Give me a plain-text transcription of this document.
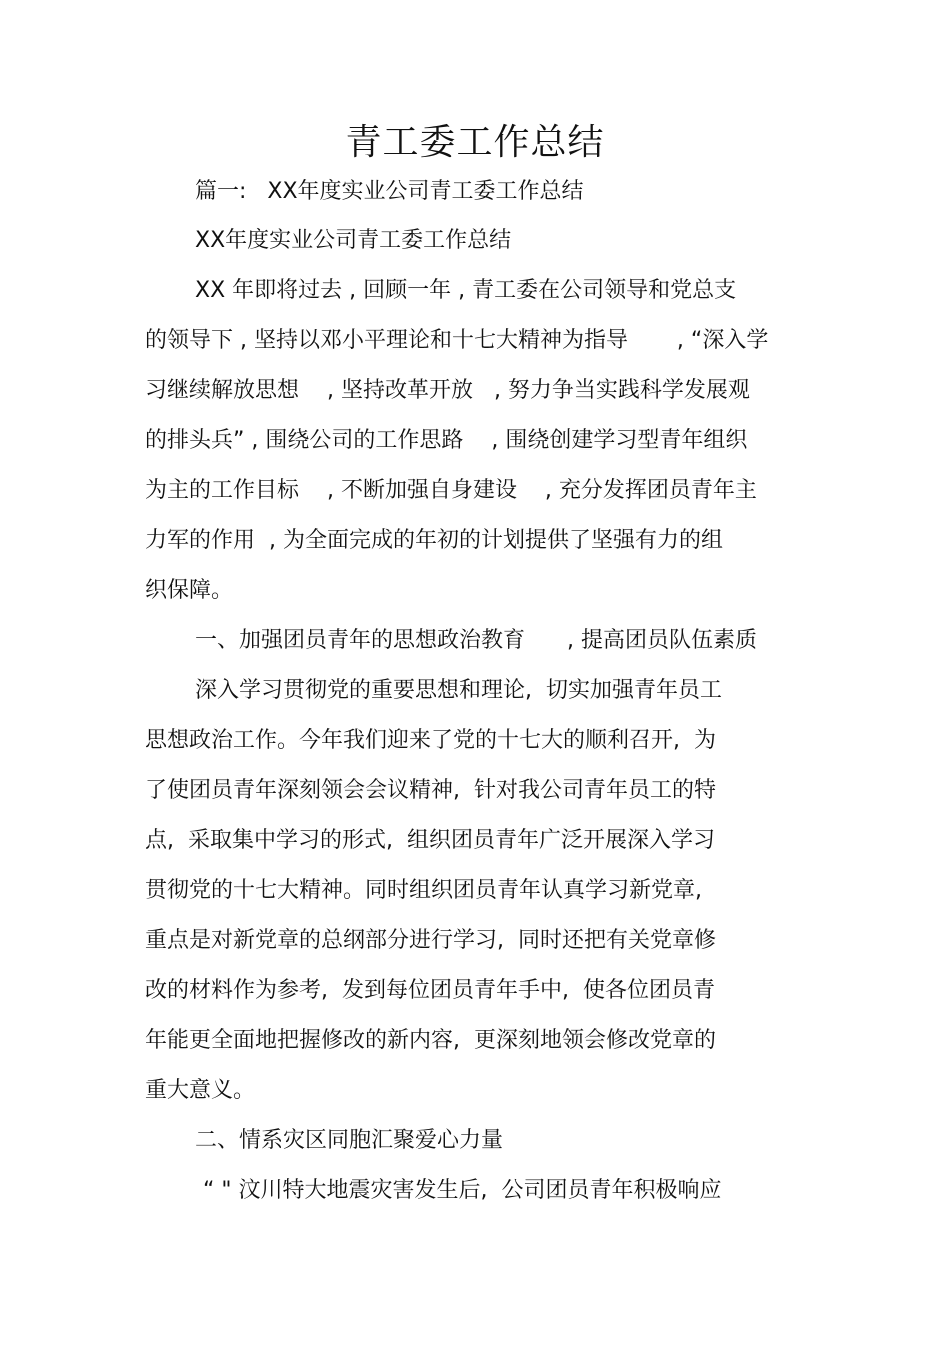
青工委工作总结
篇一:   XX年度实业公司青工委工作总结
XX年度实业公司青工委工作总结
XX 年即将过去 , 回顾一年 , 青工委在公司领导和党总支
的领导下 , 坚持以邓小平理论和十七大精神为指导       , “深入学
习继续解放思想    , 坚持改革开放   , 努力争当实践科学发展观
的排头兵” , 围绕公司的工作思路    , 围绕创建学习型青年组织
为主的工作目标    , 不断加强自身建设    , 充分发挥团员青年主
力军的作用  , 为全面完成的年初的计划提供了坚强有力的组
织保障。
一、加强团员青年的思想政治教育      , 提高团员队伍素质
深入学习贯彻党的重要思想和理论,  切实加强青年员工
思想政治工作。今年我们迎来了党的十七大的顺利召开,  为
了使团员青年深刻领会会议精神,  针对我公司青年员工的特
点,  采取集中学习的形式,  组织团员青年广泛开展深入学习
贯彻党的十七大精神。同时组织团员青年认真学习新党章,
重点是对新党章的总纲部分进行学习,  同时还把有关党章修
改的材料作为参考,  发到每位团员青年手中,  使各位团员青
年能更全面地把握修改的新内容,  更深刻地领会修改党章的
重大意义。
二、情系灾区同胞汇聚爱心力量
“ " 汶川特大地震灾害发生后,  公司团员青年积极响应
